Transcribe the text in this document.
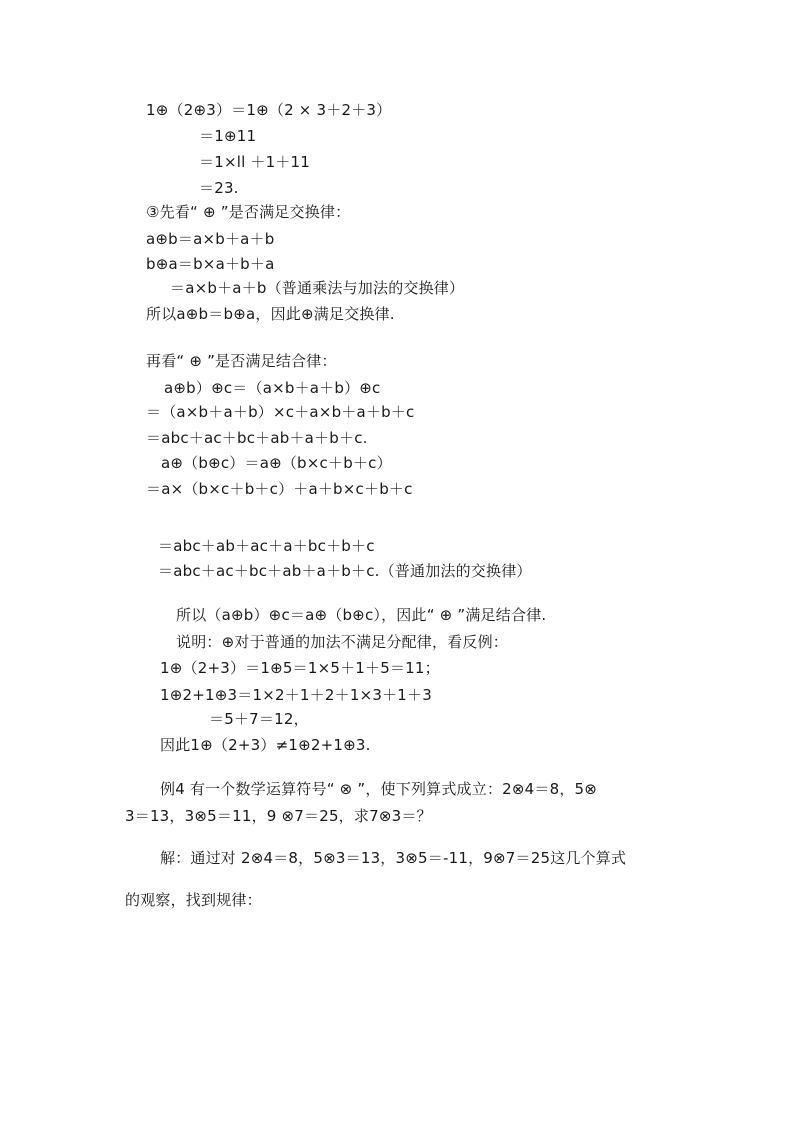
1⊕（2⊕3）＝1⊕（2 × 3＋2＋3）
＝1⊕11
＝1×ll ＋1＋11
＝23.
③先看“ ⊕ ”是否满足交换律：
a⊕b＝a×b＋a＋b
b⊕a＝b×a＋b＋a
＝a×b＋a＋b（普通乘法与加法的交换律）
所以a⊕b＝b⊕a，因此⊕满足交换律.
再看“ ⊕ ”是否满足结合律：
a⊕b）⊕c＝（a×b＋a＋b）⊕c
＝（a×b＋a＋b）×c＋a×b＋a＋b＋c
＝abc＋ac＋bc＋ab＋a＋b＋c.
a⊕（b⊕c）＝a⊕（b×c＋b＋c）
＝a×（b×c＋b＋c）＋a＋b×c＋b＋c
＝abc＋ab＋ac＋a＋bc＋b＋c
＝abc＋ac＋bc＋ab＋a＋b＋c.（普通加法的交换律）
所以（a⊕b）⊕c＝a⊕（b⊕c），因此“ ⊕ ”满足结合律.
说明：⊕对于普通的加法不满足分配律，看反例：
1⊕（2+3）＝1⊕5＝1×5＋1＋5＝11；
1⊕2+1⊕3＝1×2＋1＋2＋1×3＋1＋3
＝5＋7＝12，
因此1⊕（2+3）≠1⊕2+1⊕3.
例4 有一个数学运算符号“ ⊗ ”，使下列算式成立：2⊗4＝8，5⊗
3＝13，3⊗5＝11，9 ⊗7＝25，求7⊗3＝？
解：通过对 2⊗4＝8，5⊗3＝13，3⊗5＝-11，9⊗7＝25这几个算式
的观察，找到规律：
